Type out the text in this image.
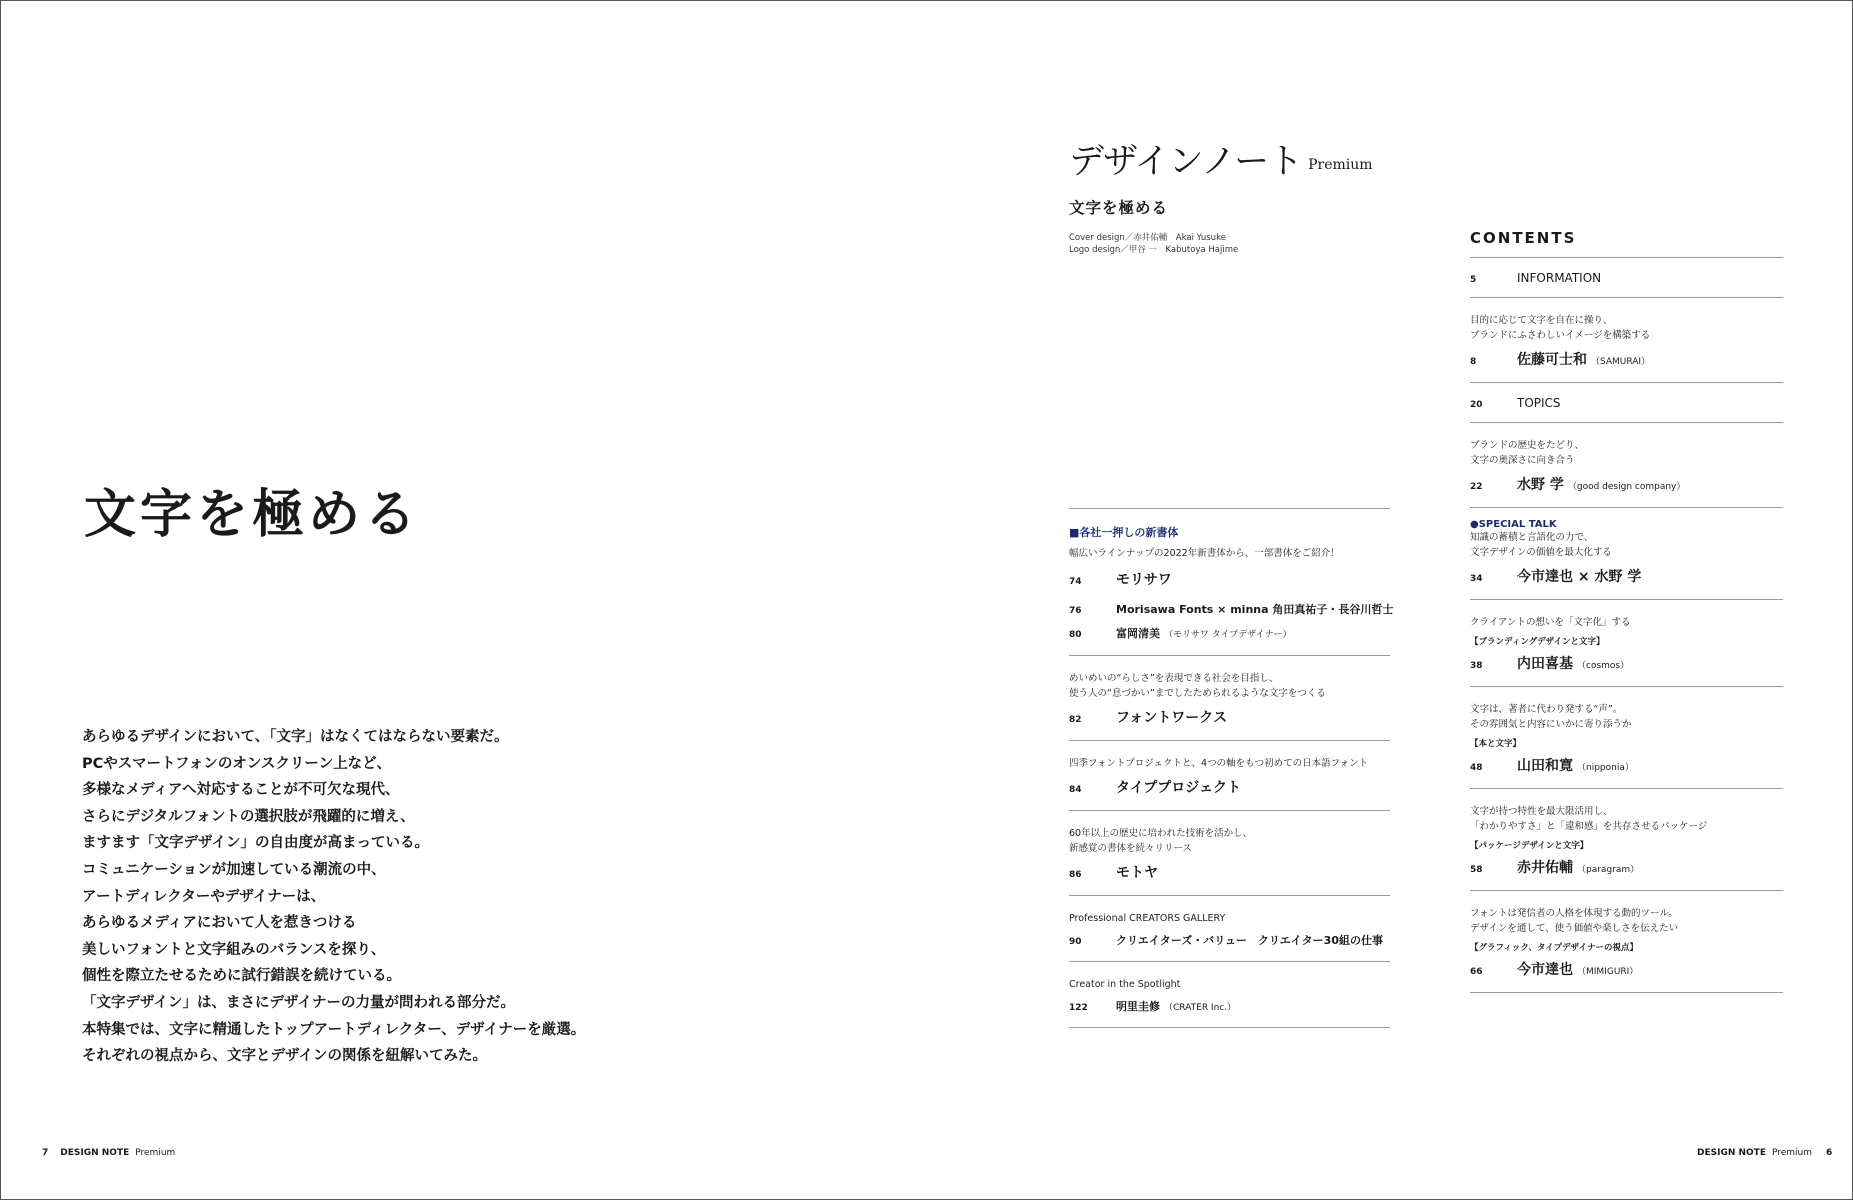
文字を極める
あらゆるデザインにおいて、「文字」はなくてはならない要素だ。
PCやスマートフォンのオンスクリーン上など、
多様なメディアへ対応することが不可欠な現代、
さらにデジタルフォントの選択肢が飛躍的に増え、
ますます「文字デザイン」の自由度が高まっている。
コミュニケーションが加速している潮流の中、
アートディレクターやデザイナーは、
あらゆるメディアにおいて人を惹きつける
美しいフォントと文字組みのバランスを探り、
個性を際立たせるために試行錯誤を続けている。
「文字デザイン」は、まさにデザイナーの力量が問われる部分だ。
本特集では、文字に精通したトップアートディレクター、デザイナーを厳選。
それぞれの視点から、文字とデザインの関係を紐解いてみた。
7 DESIGN NOTE Premium
デザインノート Premium
文字を極める
Cover design／赤井佑輔　Akai Yusuke
Logo design／甲谷 一　Kabutoya Hajime
■各社一押しの新書体
幅広いラインナップの2022年新書体から、一部書体をご紹介！
74	モリサワ
76	Morisawa Fonts × minna 角田真祐子・長谷川哲士
80	富岡清美 （モリサワ タイプデザイナー）
めいめいの“らしさ”を表現できる社会を目指し、
使う人の“息づかい”までしたためられるような文字をつくる
82	フォントワークス
四季フォントプロジェクトと、4つの軸をもつ初めての日本語フォント
84	タイププロジェクト
60年以上の歴史に培われた技術を活かし、
新感覚の書体を続々リリース
86	モトヤ
Professional CREATORS GALLERY
90	クリエイターズ・バリュー　クリエイター30組の仕事
Creator in the Spotlight
122	明里圭修 （CRATER Inc.）
CONTENTS
5	INFORMATION
目的に応じて文字を自在に操り、
ブランドにふさわしいイメージを構築する
8	佐藤可士和 （SAMURAI）
20	TOPICS
ブランドの歴史をたどり、
文字の奥深さに向き合う
22	水野 学 （good design company）
●SPECIAL TALK
知識の蓄積と言語化の力で、
文字デザインの価値を最大化する
34	今市達也 × 水野 学
クライアントの想いを「文字化」する
【ブランディングデザインと文字】
38	内田喜基 （cosmos）
文字は、著者に代わり発する“声”。
その雰囲気と内容にいかに寄り添うか
【本と文字】
48	山田和寛 （nipponia）
文字が持つ特性を最大限活用し、
「わかりやすさ」と「違和感」を共存させるパッケージ
【パッケージデザインと文字】
58	赤井佑輔 （paragram）
フォントは発信者の人格を体現する動的ツール。
デザインを通して、使う価値や楽しさを伝えたい
【グラフィック、タイプデザイナーの視点】
66	今市達也 （MIMIGURI）
DESIGN NOTE Premium 6
